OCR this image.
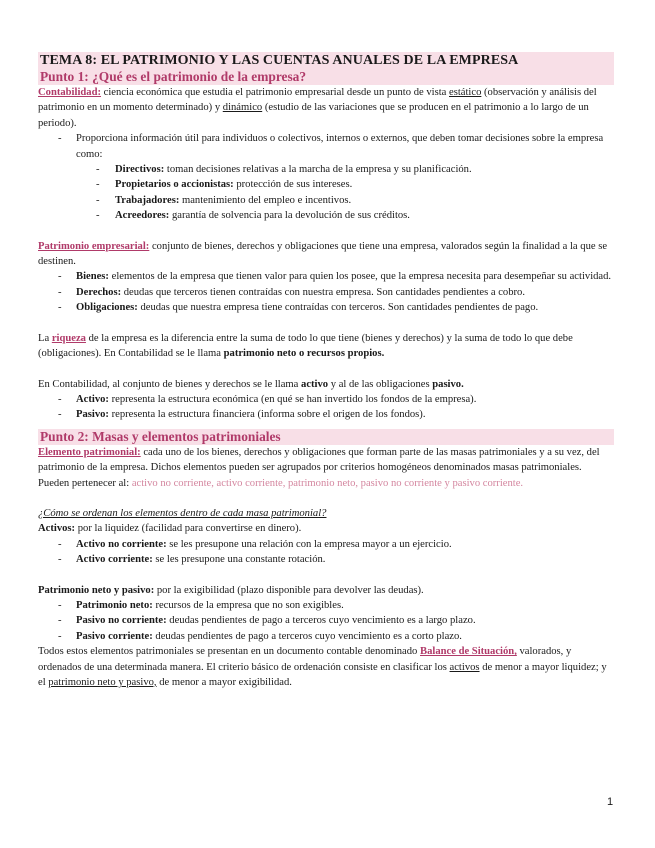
TEMA 8: EL PATRIMONIO Y LAS CUENTAS ANUALES DE LA EMPRESA
Punto 1: ¿Qué es el patrimonio de la empresa?

Contabilidad: ciencia económica que estudia el patrimonio empresarial desde un punto de vista estático (observación y análisis del patrimonio en un momento determinado) y dinámico (estudio de las variaciones que se producen en el patrimonio a lo largo de un periodo).

- Proporciona información útil para individuos o colectivos, internos o externos, que deben tomar decisiones sobre la empresa como:
- Directivos: toman decisiones relativas a la marcha de la empresa y su planificación.
- Propietarios o accionistas: protección de sus intereses.
- Trabajadores: mantenimiento del empleo e incentivos.
- Acreedores: garantía de solvencia para la devolución de sus créditos.

Patrimonio empresarial: conjunto de bienes, derechos y obligaciones que tiene una empresa, valorados según la finalidad a la que se destinen.

- Bienes: elementos de la empresa que tienen valor para quien los posee, que la empresa necesita para desempeñar su actividad.
- Derechos: deudas que terceros tienen contraídas con nuestra empresa. Son cantidades pendientes a cobro.
- Obligaciones: deudas que nuestra empresa tiene contraídas con terceros. Son cantidades pendientes de pago.

La riqueza de la empresa es la diferencia entre la suma de todo lo que tiene (bienes y derechos) y la suma de todo lo que debe (obligaciones). En Contabilidad se le llama patrimonio neto o recursos propios.

En Contabilidad, al conjunto de bienes y derechos se le llama activo y al de las obligaciones pasivo.

- Activo: representa la estructura económica (en qué se han invertido los fondos de la empresa).
- Pasivo: representa la estructura financiera (informa sobre el origen de los fondos).
Punto 2: Masas y elementos patrimoniales

Elemento patrimonial: cada uno de los bienes, derechos y obligaciones que forman parte de las masas patrimoniales y a su vez, del patrimonio de la empresa. Dichos elementos pueden ser agrupados por criterios homogéneos denominados masas patrimoniales. Pueden pertenecer al: activo no corriente, activo corriente, patrimonio neto, pasivo no corriente y pasivo corriente.

¿Cómo se ordenan los elementos dentro de cada masa patrimonial?

Activos: por la liquidez (facilidad para convertirse en dinero).

- Activo no corriente: se les presupone una relación con la empresa mayor a un ejercicio.
- Activo corriente: se les presupone una constante rotación.

Patrimonio neto y pasivo: por la exigibilidad (plazo disponible para devolver las deudas).

- Patrimonio neto: recursos de la empresa que no son exigibles.
- Pasivo no corriente: deudas pendientes de pago a terceros cuyo vencimiento es a largo plazo.
- Pasivo corriente: deudas pendientes de pago a terceros cuyo vencimiento es a corto plazo.

Todos estos elementos patrimoniales se presentan en un documento contable denominado Balance de Situación, valorados, y ordenados de una determinada manera. El criterio básico de ordenación consiste en clasificar los activos de menor a mayor liquidez; y el patrimonio neto y pasivo, de menor a mayor exigibilidad.

1
